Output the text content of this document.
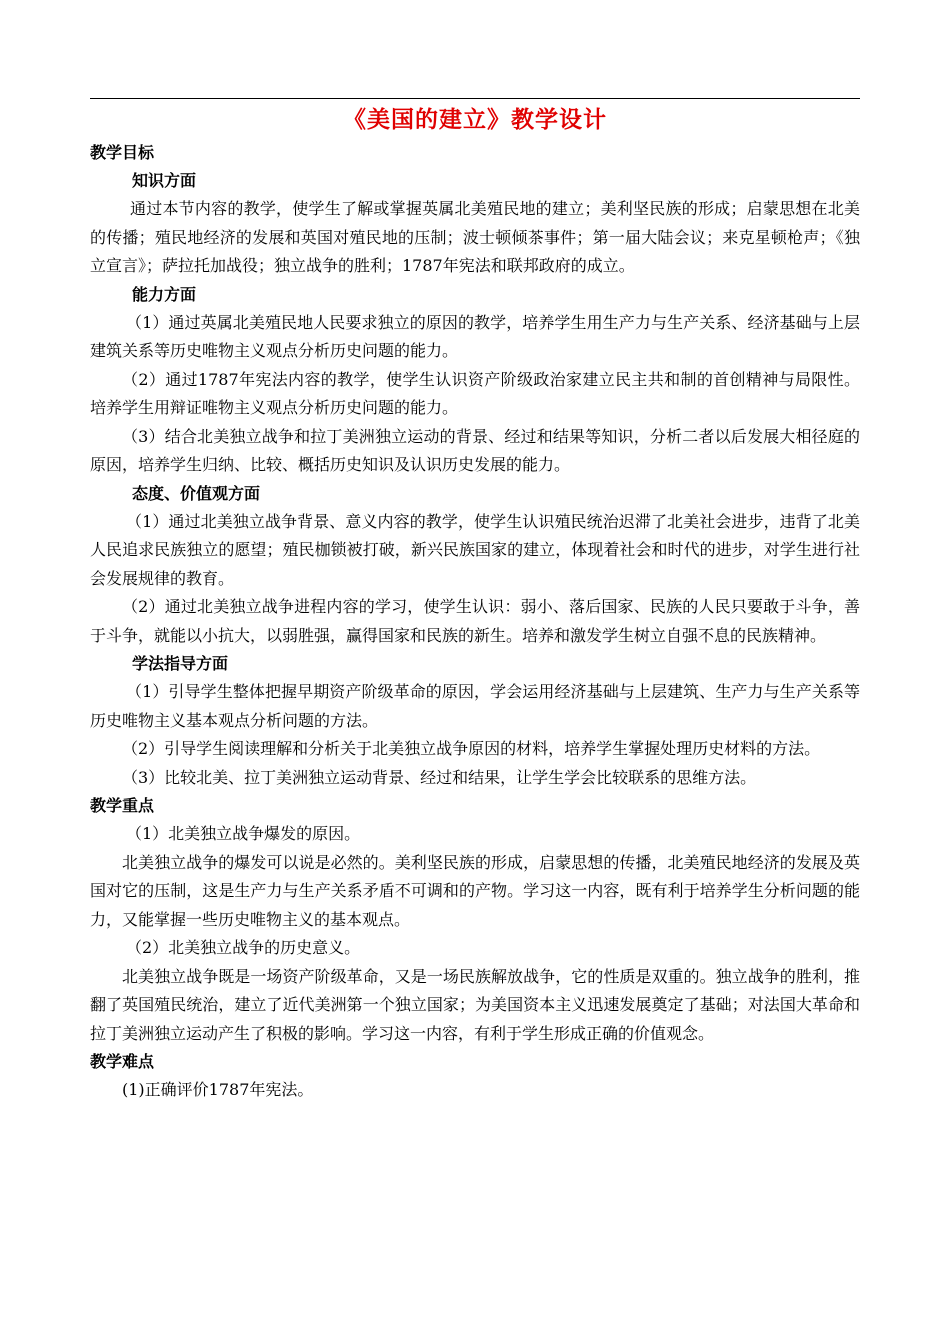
《美国的建立》教学设计
教学目标
知识方面

通过本节内容的教学，使学生了解或掌握英属北美殖民地的建立；美利坚民族的形成；启蒙思想在北美的传播；殖民地经济的发展和英国对殖民地的压制；波士顿倾茶事件；第一届大陆会议；来克星顿枪声；《独立宣言》；萨拉托加战役；独立战争的胜利；1787年宪法和联邦政府的成立。

能力方面

（1）通过英属北美殖民地人民要求独立的原因的教学，培养学生用生产力与生产关系、经济基础与上层建筑关系等历史唯物主义观点分析历史问题的能力。

（2）通过1787年宪法内容的教学，使学生认识资产阶级政治家建立民主共和制的首创精神与局限性。培养学生用辩证唯物主义观点分析历史问题的能力。

（3）结合北美独立战争和拉丁美洲独立运动的背景、经过和结果等知识，分析二者以后发展大相径庭的原因，培养学生归纳、比较、概括历史知识及认识历史发展的能力。

态度、价值观方面

（1）通过北美独立战争背景、意义内容的教学，使学生认识殖民统治迟滞了北美社会进步，违背了北美人民追求民族独立的愿望；殖民枷锁被打破，新兴民族国家的建立，体现着社会和时代的进步，对学生进行社会发展规律的教育。

（2）通过北美独立战争进程内容的学习，使学生认识：弱小、落后国家、民族的人民只要敢于斗争，善于斗争，就能以小抗大，以弱胜强，赢得国家和民族的新生。培养和激发学生树立自强不息的民族精神。

学法指导方面

（1）引导学生整体把握早期资产阶级革命的原因，学会运用经济基础与上层建筑、生产力与生产关系等历史唯物主义基本观点分析问题的方法。

（2）引导学生阅读理解和分析关于北美独立战争原因的材料，培养学生掌握处理历史材料的方法。

（3）比较北美、拉丁美洲独立运动背景、经过和结果，让学生学会比较联系的思维方法。

教学重点

（1）北美独立战争爆发的原因。

北美独立战争的爆发可以说是必然的。美利坚民族的形成，启蒙思想的传播，北美殖民地经济的发展及英国对它的压制，这是生产力与生产关系矛盾不可调和的产物。学习这一内容，既有利于培养学生分析问题的能力，又能掌握一些历史唯物主义的基本观点。

（2）北美独立战争的历史意义。

北美独立战争既是一场资产阶级革命，又是一场民族解放战争，它的性质是双重的。独立战争的胜利，推翻了英国殖民统治，建立了近代美洲第一个独立国家；为美国资本主义迅速发展奠定了基础；对法国大革命和拉丁美洲独立运动产生了积极的影响。学习这一内容，有利于学生形成正确的价值观念。

教学难点

(1)正确评价1787年宪法。
